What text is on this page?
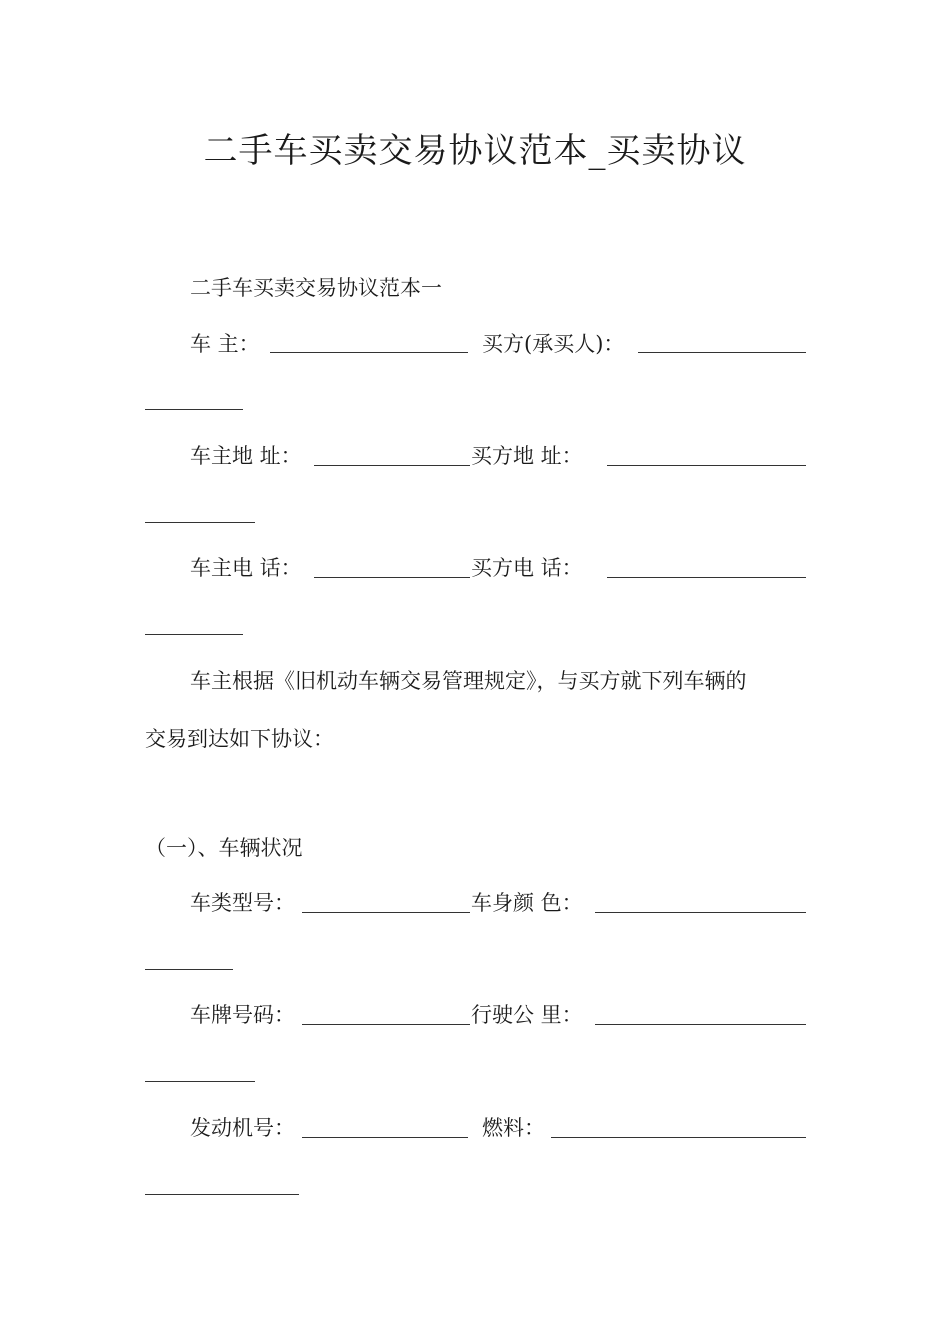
二手车买卖交易协议范本_买卖协议
二手车买卖交易协议范本一
车 主：	买方(承买人)：
车主地 址：	买方地 址：
车主电 话：	买方电 话：
车主根据《旧机动车辆交易管理规定》，与买方就下列车辆的
交易到达如下协议：
（一）、车辆状况
车类型号：	车身颜 色：
车牌号码：	行驶公 里：
发动机号：	燃料：
